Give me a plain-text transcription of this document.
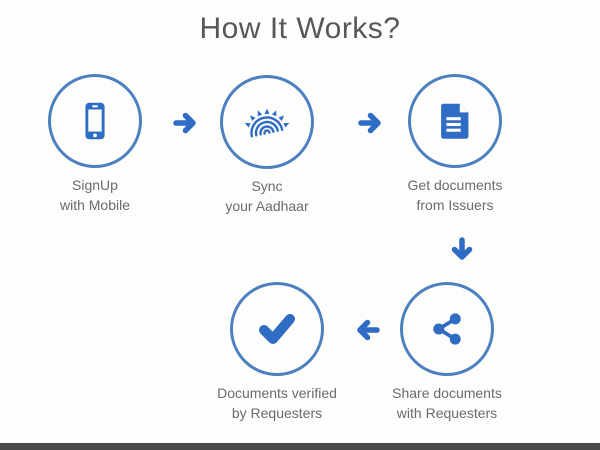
How It Works?
SignUp
with Mobile
Sync
your Aadhaar
Get documents
from Issuers
Share documents
with Requesters
Documents verified
by Requesters
